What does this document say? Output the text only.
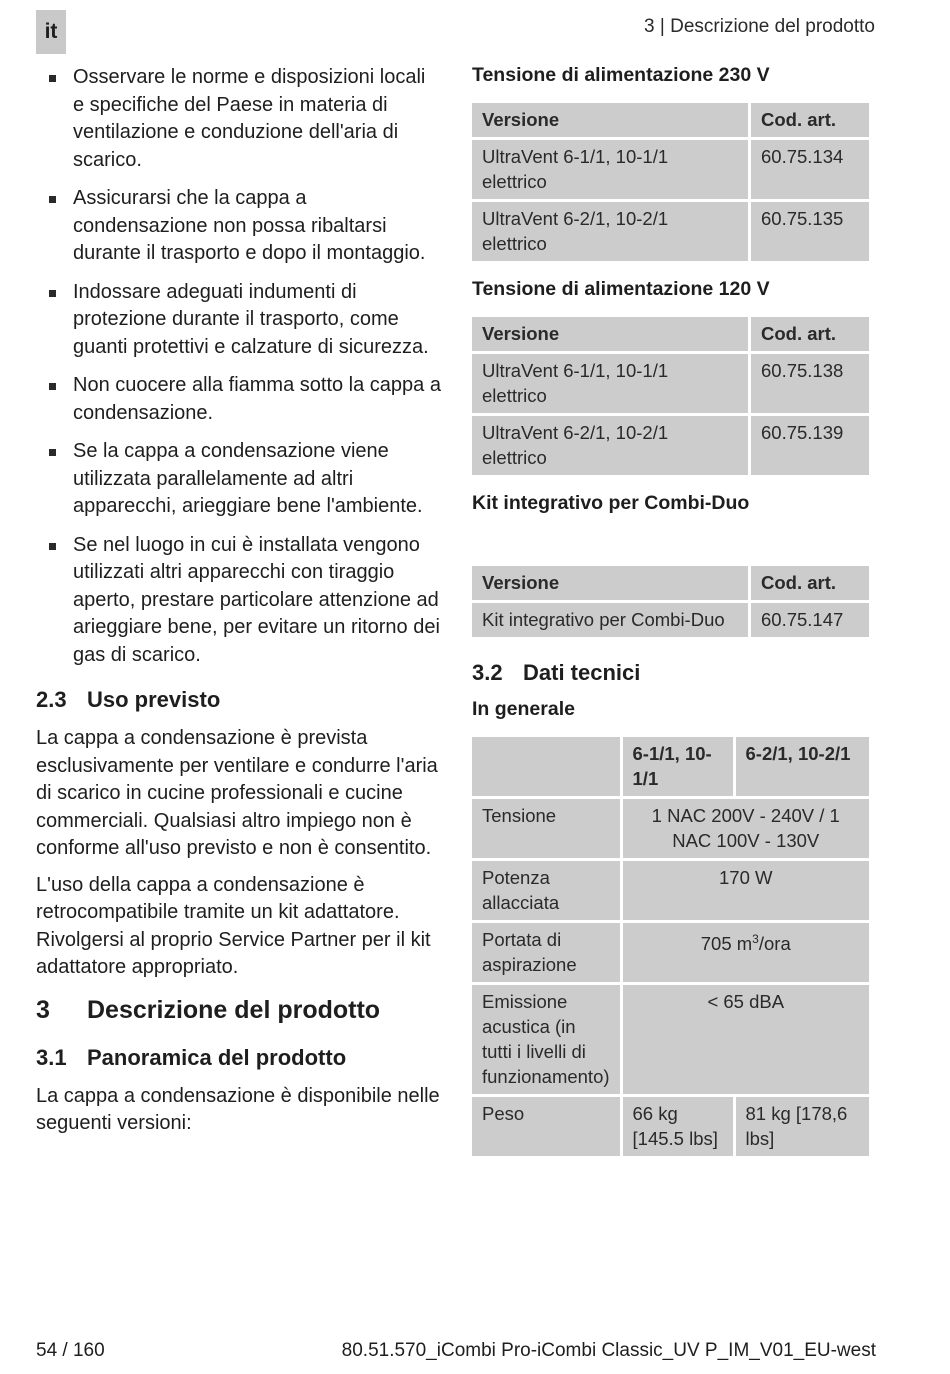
it	3 | Descrizione del prodotto
Osservare le norme e disposizioni locali e specifiche del Paese in materia di ventilazione e conduzione dell'aria di scarico.
Assicurarsi che la cappa a condensazione non possa ribaltarsi durante il trasporto e dopo il montaggio.
Indossare adeguati indumenti di protezione durante il trasporto, come guanti protettivi e calzature di sicurezza.
Non cuocere alla fiamma sotto la cappa a condensazione.
Se la cappa a condensazione viene utilizzata parallelamente ad altri apparecchi, arieggiare bene l'ambiente.
Se nel luogo in cui è installata vengono utilizzati altri apparecchi con tiraggio aperto, prestare particolare attenzione ad arieggiare bene, per evitare un ritorno dei gas di scarico.
2.3 Uso previsto

La cappa a condensazione è prevista esclusivamente per ventilare e condurre l'aria di scarico in cucine professionali e cucine commerciali. Qualsiasi altro impiego non è conforme all'uso previsto e non è consentito.

L'uso della cappa a condensazione è retrocompatibile tramite un kit adattatore. Rivolgersi al proprio Service Partner per il kit adattatore appropriato.

3 Descrizione del prodotto
3.1 Panoramica del prodotto

La cappa a condensazione è disponibile nelle seguenti versioni:

Tensione di alimentazione 230 V
Versione	Cod. art.
UltraVent 6-1/1, 10-1/1 elettrico	60.75.134
UltraVent 6-2/1, 10-2/1 elettrico	60.75.135
Tensione di alimentazione 120 V
Versione	Cod. art.
UltraVent 6-1/1, 10-1/1 elettrico	60.75.138
UltraVent 6-2/1, 10-2/1 elettrico	60.75.139
Kit integrativo per Combi-Duo
Versione	Cod. art.
Kit integrativo per Combi-Duo	60.75.147
3.2 Dati tecnici
In generale
	6-1/1, 10-1/1	6-2/1, 10-2/1
Tensione	1 NAC 200V - 240V / 1 NAC 100V - 130V	
Potenza allacciata	170 W	
Portata di aspirazione	705 $m^3$/ora	
Emissione acustica (in tutti i livelli di funzionamento)	< 65 dBA	
Peso	66 kg [145.5 lbs]	81 kg [178,6 lbs]
54 / 160	80.51.570_iCombi Pro-iCombi Classic_UV P_IM_V01_EU-west
